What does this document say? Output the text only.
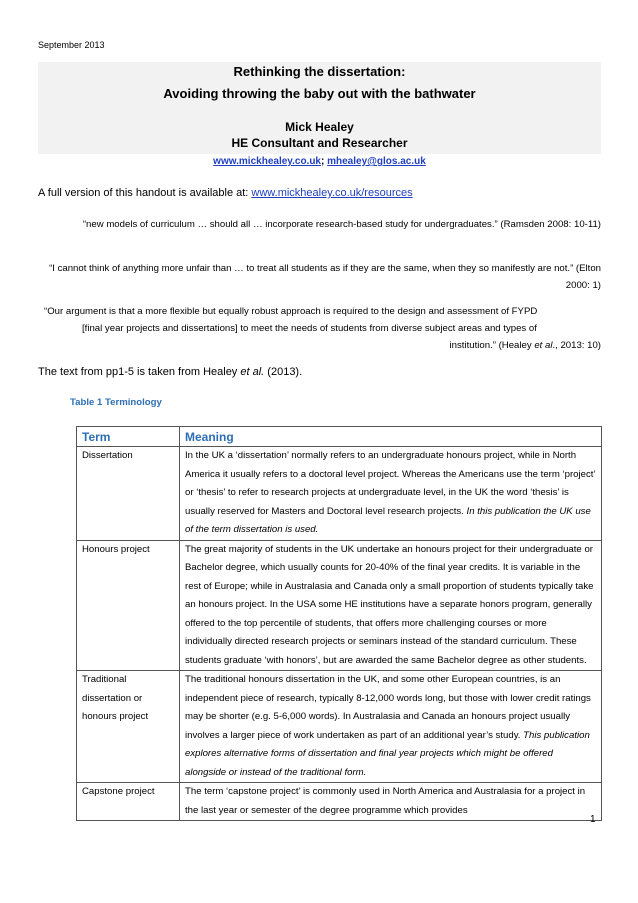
September 2013
Rethinking the dissertation:
Avoiding throwing the baby out with the bathwater
Mick Healey
HE Consultant and Researcher
www.mickhealey.co.uk; mhealey@glos.ac.uk
A full version of this handout is available at: www.mickhealey.co.uk/resources
“new models of curriculum … should all … incorporate research-based study for undergraduates.” (Ramsden 2008: 10-11)
“I cannot think of anything more unfair than … to treat all students as if they are the same, when they so manifestly are not.” (Elton 2000: 1)
“Our argument is that a more flexible but equally robust approach is required to the design and assessment of FYPD
[final year projects and dissertations] to meet the needs of students from diverse subject areas and types of
institution.” (Healey et al., 2013: 10)
The text from pp1-5 is taken from Healey et al. (2013).
Table 1 Terminology
Term	Meaning
Dissertation	In the UK a ‘dissertation’ normally refers to an undergraduate honours project, while in North America it usually refers to a doctoral level project. Whereas the Americans use the term ‘project’ or ‘thesis’ to refer to research projects at undergraduate level, in the UK the word ‘thesis’ is usually reserved for Masters and Doctoral level research projects. In this publication the UK use of the term dissertation is used.
Honours project	The great majority of students in the UK undertake an honours project for their undergraduate or Bachelor degree, which usually counts for 20-40% of the final year credits. It is variable in the rest of Europe; while in Australasia and Canada only a small proportion of students typically take an honours project. In the USA some HE institutions have a separate honors program, generally offered to the top percentile of students, that offers more challenging courses or more individually directed research projects or seminars instead of the standard curriculum. These students graduate ‘with honors’, but are awarded the same Bachelor degree as other students.
Traditional dissertation or honours project	The traditional honours dissertation in the UK, and some other European countries, is an independent piece of research, typically 8-12,000 words long, but those with lower credit ratings may be shorter (e.g. 5-6,000 words). In Australasia and Canada an honours project usually involves a larger piece of work undertaken as part of an additional year’s study. This publication explores alternative forms of dissertation and final year projects which might be offered alongside or instead of the traditional form.
Capstone project	The term ‘capstone project’ is commonly used in North America and Australasia for a project in the last year or semester of the degree programme which provides
1
